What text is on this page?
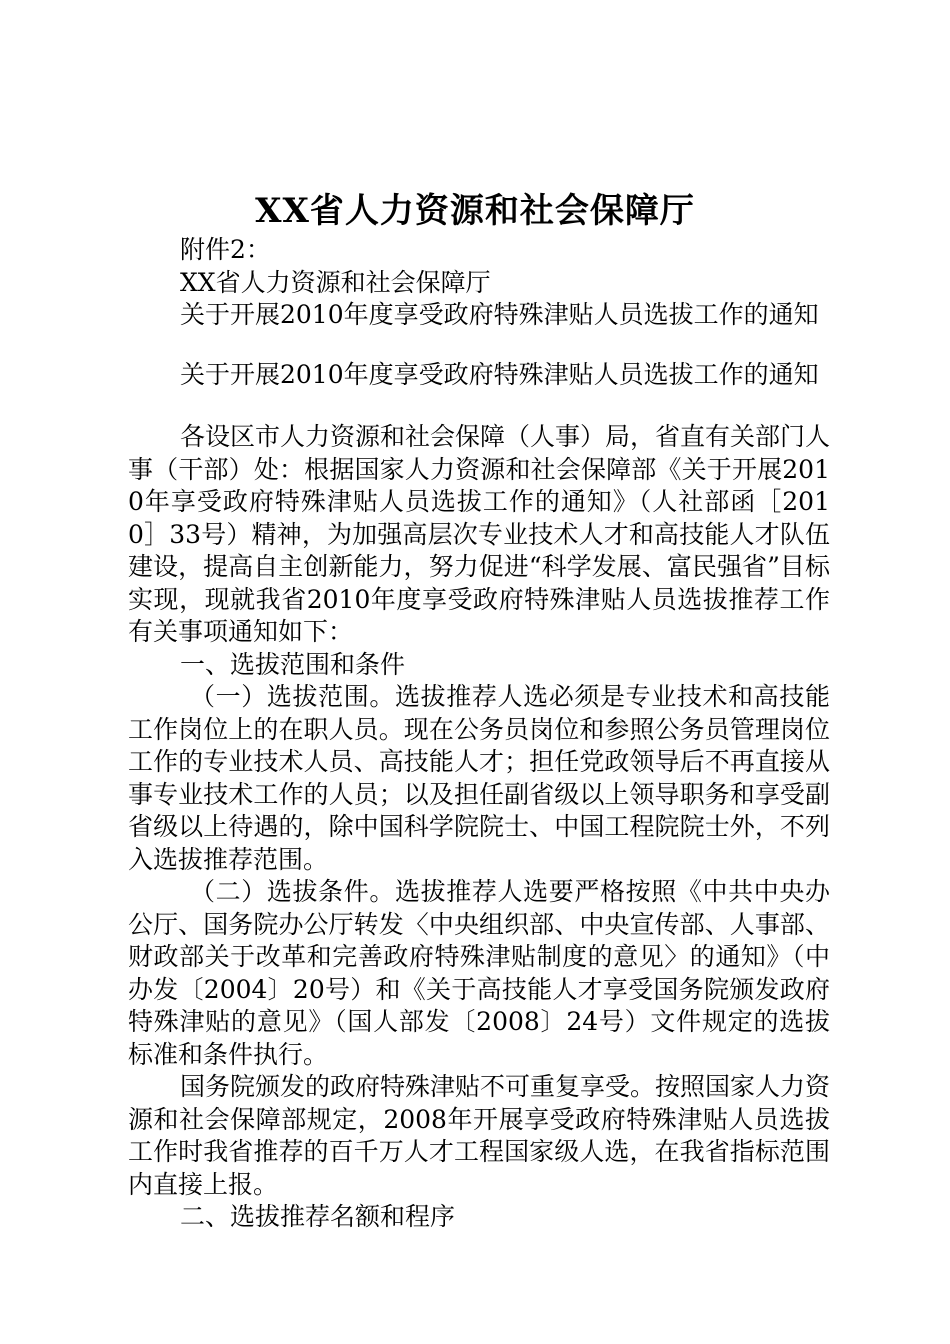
XX省人力资源和社会保障厅
附件2：
XX省人力资源和社会保障厅
关于开展2010年度享受政府特殊津贴人员选拔工作的通知
关于开展2010年度享受政府特殊津贴人员选拔工作的通知

各设区市人力资源和社会保障（人事）局，省直有关部门人事（干部）处：根据国家人力资源和社会保障部《关于开展2010年享受政府特殊津贴人员选拔工作的通知》（人社部函［2010］33号）精神，为加强高层次专业技术人才和高技能人才队伍建设，提高自主创新能力，努力促进“科学发展、富民强省”目标实现，现就我省2010年度享受政府特殊津贴人员选拔推荐工作有关事项通知如下：

一、选拔范围和条件

（一）选拔范围。选拔推荐人选必须是专业技术和高技能工作岗位上的在职人员。现在公务员岗位和参照公务员管理岗位工作的专业技术人员、高技能人才；担任党政领导后不再直接从事专业技术工作的人员；以及担任副省级以上领导职务和享受副省级以上待遇的，除中国科学院院士、中国工程院院士外，不列入选拔推荐范围。

（二）选拔条件。选拔推荐人选要严格按照《中共中央办公厅、国务院办公厅转发〈中央组织部、中央宣传部、人事部、财政部关于改革和完善政府特殊津贴制度的意见〉的通知》（中办发〔2004〕20号）和《关于高技能人才享受国务院颁发政府特殊津贴的意见》（国人部发〔2008〕24号）文件规定的选拔标准和条件执行。

国务院颁发的政府特殊津贴不可重复享受。按照国家人力资源和社会保障部规定，2008年开展享受政府特殊津贴人员选拔工作时我省推荐的百千万人才工程国家级人选，在我省指标范围内直接上报。

二、选拔推荐名额和程序
